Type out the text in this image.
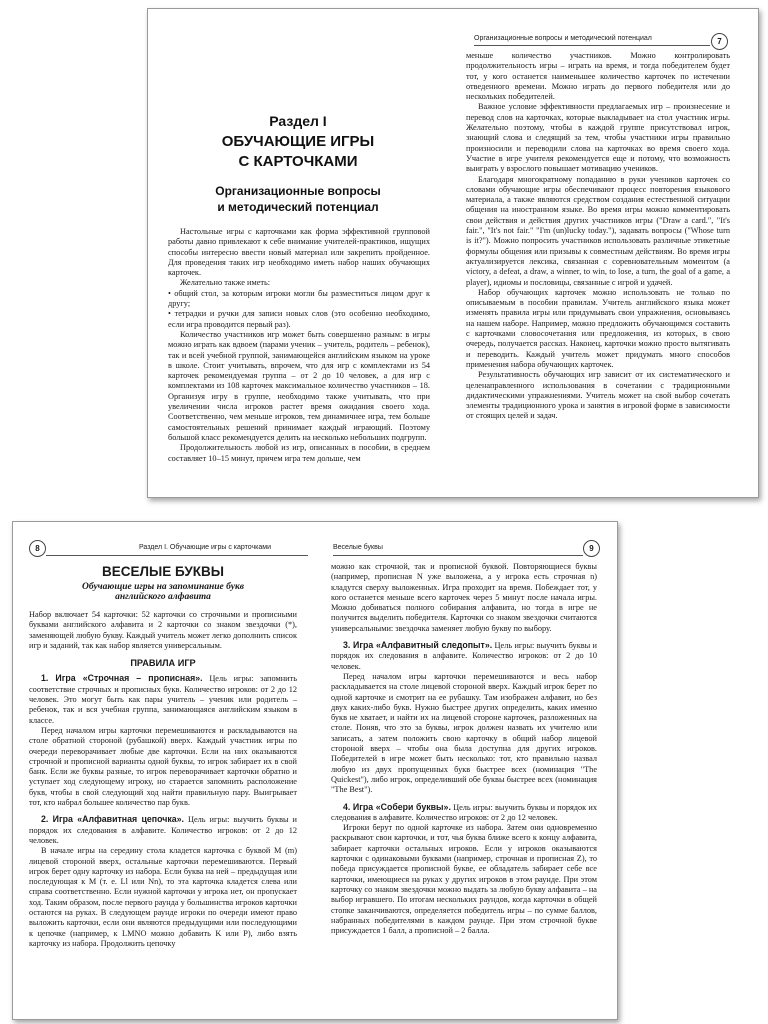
Организационные вопросы и методический потенциал	7
Раздел I
ОБУЧАЮЩИЕ ИГРЫ
С КАРТОЧКАМИ
Организационные вопросы
и методический потенциал

Настольные игры с карточками как форма эффективной групповой работы давно привлекают к себе внимание учителей-практиков, ищущих способы интересно ввести новый материал или закрепить пройденное. Для проведения таких игр необходимо иметь набор наших обучающих карточек.

Желательно также иметь:

• общий стол, за которым игроки могли бы разместиться лицом друг к другу;

• тетрадки и ручки для записи новых слов (это особенно необходимо, если игра проводится первый раз).

Количество участников игр может быть совершенно разным: в игры можно играть как вдвоем (парами ученик – учитель, родитель – ребенок), так и всей учебной группой, занимающейся английским языком на уроке в школе. Стоит учитывать, впрочем, что для игр с комплектами из 54 карточек рекомендуемая группа – от 2 до 10 человек, а для игр с комплектами из 108 карточек максимальное количество участников – 18. Организуя игру в группе, необходимо также учитывать, что при увеличении числа игроков растет время ожидания своего хода. Соответственно, чем меньше игроков, тем динамичнее игра, тем больше самостоятельных решений принимает каждый играющий. Поэтому большой класс рекомендуется делить на несколько небольших подгрупп.

Продолжительность любой из игр, описанных в пособии, в среднем составляет 10–15 минут, причем игра тем дольше, чем

меньше количество участников. Можно контролировать продолжительность игры – играть на время, и тогда победителем будет тот, у кого останется наименьшее количество карточек по истечении отведенного времени. Можно играть до первого победителя или до нескольких победителей.

Важное условие эффективности предлагаемых игр – произнесение и перевод слов на карточках, которые выкладывает на стол участник игры. Желательно поэтому, чтобы в каждой группе присутствовал игрок, знающий слова и следящий за тем, чтобы участники игры правильно произносили и переводили слова на карточках во время своего хода. Участие в игре учителя рекомендуется еще и потому, что возможность выиграть у взрослого повышает мотивацию учеников.

Благодаря многократному попаданию в руки учеников карточек со словами обучающие игры обеспечивают процесс повторения языкового материала, а также являются средством создания естественной ситуации общения на иностранном языке. Во время игры можно комментировать свои действия и действия других участников игры ("Draw a card.", "It's fair.", "It's not fair." "I'm (un)lucky today."), задавать вопросы ("Whose turn is it?"). Можно попросить участников использовать различные этикетные формулы общения или призывы к совместным действиям. Во время игры актуализируется лексика, связанная с соревновательным моментом (a victory, a defeat, a draw, a winner, to win, to lose, a turn, the goal of a game, a player), идиомы и пословицы, связанные с игрой и удачей.

Набор обучающих карточек можно использовать не только по описываемым в пособии правилам. Учитель английского языка может изменять правила игры или придумывать свои упражнения, основываясь на нашем наборе. Например, можно предложить обучающимся составить с карточками словосочетания или предложения, из которых, в свою очередь, получается рассказ. Наконец, карточки можно просто вытягивать и переводить. Каждый учитель может придумать много способов применения набора обучающих карточек.

Результативность обучающих игр зависит от их систематического и целенаправленного использования в сочетании с традиционными дидактическими упражнениями. Учитель может на свой выбор сочетать элементы традиционного урока и занятия в игровой форме в зависимости от стоящих целей и задач.

8	Раздел I. Обучающие игры с карточками	Веселые буквы	9
ВЕСЕЛЫЕ БУКВЫ
Обучающие игры на запоминание букв
английского алфавита

Набор включает 54 карточки: 52 карточки со строчными и прописными буквами английского алфавита и 2 карточки со знаком звездочки (*), заменяющей любую букву. Каждый учитель может легко дополнить список игр и заданий, так как набор является универсальным.

ПРАВИЛА ИГР

1. Игра «Строчная – прописная». Цель игры: запомнить соответствие строчных и прописных букв. Количество игроков: от 2 до 12 человек. Это могут быть как пары учитель – ученик или родитель – ребенок, так и вся учебная группа, занимающаяся английским языком в классе.

Перед началом игры карточки перемешиваются и раскладываются на столе обратной стороной (рубашкой) вверх. Каждый участник игры по очереди переворачивает любые две карточки. Если на них оказываются строчной и прописной варианты одной буквы, то игрок забирает их в свой банк. Если же буквы разные, то игрок переворачивает карточки обратно и уступает ход следующему игроку, но старается запомнить расположение букв, чтобы в свой следующий ход найти правильную пару. Выигрывает тот, кто набрал большее количество пар букв.

2. Игра «Алфавитная цепочка». Цель игры: выучить буквы и порядок их следования в алфавите. Количество игроков: от 2 до 12 человек.

В начале игры на середину стола кладется карточка с буквой M (m) лицевой стороной вверх, остальные карточки перемешиваются. Первый игрок берет одну карточку из набора. Если буква на ней – предыдущая или последующая к M (т. е. Ll или Nn), то эта карточка кладется слева или справа соответственно. Если нужной карточки у игрока нет, он пропускает ход. Таким образом, после первого раунда у большинства игроков карточки остаются на руках. В следующем раунде игроки по очереди имеют право выложить карточки, если они являются предыдущими или последующими к цепочке (например, к LMNO можно добавить K или P), либо взять карточку из набора. Продолжить цепочку

можно как строчной, так и прописной буквой. Повторяющиеся буквы (например, прописная N уже выложена, а у игрока есть строчная n) кладутся сверху выложенных. Игра проходит на время. Побеждает тот, у кого останется меньше всего карточек через 5 минут после начала игры. Можно добиваться полного собирания алфавита, но тогда в игре не получится выделить победителя. Карточки со знаком звездочки считаются универсальными: звездочка заменяет любую букву по выбору.

3. Игра «Алфавитный следопыт». Цель игры: выучить буквы и порядок их следования в алфавите. Количество игроков: от 2 до 10 человек.

Перед началом игры карточки перемешиваются и весь набор раскладывается на столе лицевой стороной вверх. Каждый игрок берет по одной карточке и смотрит на ее рубашку. Там изображен алфавит, но без двух каких-либо букв. Нужно быстрее других определить, каких именно букв не хватает, и найти их на лицевой стороне карточек, разложенных на столе. Поняв, что это за буквы, игрок должен назвать их учителю или записать, а затем положить свою карточку в общий набор лицевой стороной вверх – чтобы она была доступна для других игроков. Победителей в игре может быть несколько: тот, кто правильно назвал любую из двух пропущенных букв быстрее всех (номинация "The Quickest"), либо игрок, определивший обе буквы быстрее всех (номинация "The Best").

4. Игра «Собери буквы». Цель игры: выучить буквы и порядок их следования в алфавите. Количество игроков: от 2 до 12 человек.

Игроки берут по одной карточке из набора. Затем они одновременно раскрывают свои карточки, и тот, чья буква ближе всего к концу алфавита, забирает карточки остальных игроков. Если у игроков оказываются карточки с одинаковыми буквами (например, строчная и прописная Z), то победа присуждается прописной букве, ее обладатель забирает себе все карточки, имеющиеся на руках у других игроков в этом раунде. При этом карточку со знаком звездочки можно выдать за любую букву алфавита – на выбор игравшего. По итогам нескольких раундов, когда карточки в общей стопке заканчиваются, определяется победитель игры – по сумме баллов, набранных победителями в каждом раунде. При этом строчной букве присуждается 1 балл, а прописной – 2 балла.
